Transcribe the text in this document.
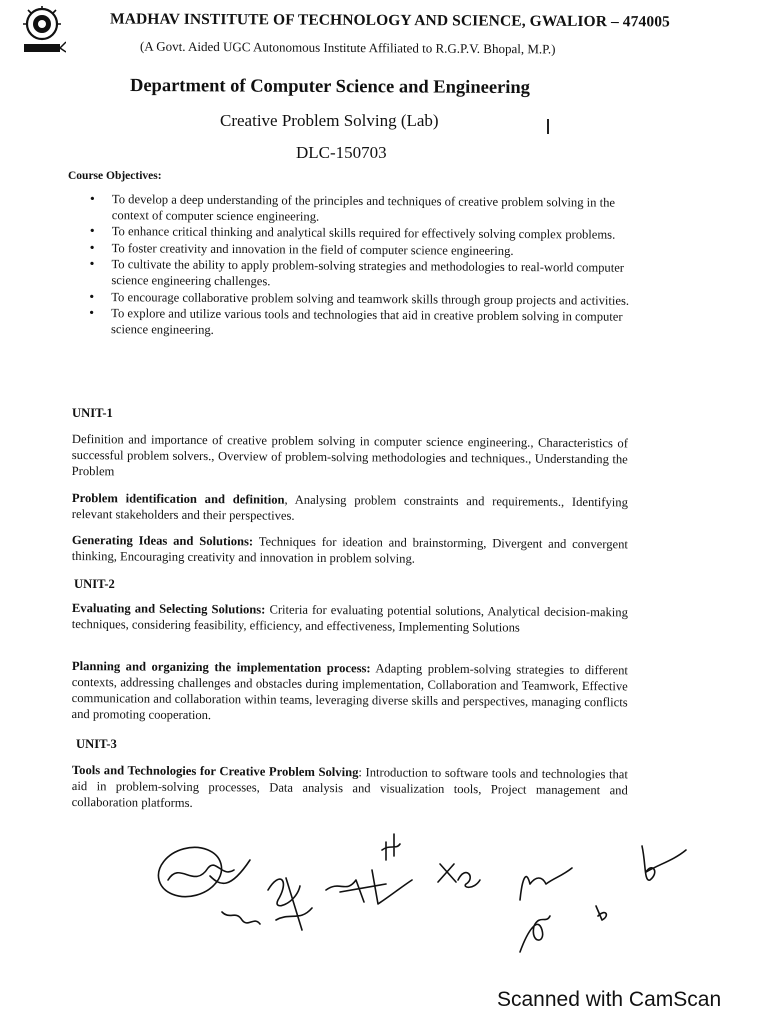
MADHAV INSTITUTE OF TECHNOLOGY AND SCIENCE, GWALIOR – 474005
(A Govt. Aided UGC Autonomous Institute Affiliated to R.G.P.V. Bhopal, M.P.)
Department of Computer Science and Engineering
Creative Problem Solving (Lab)
DLC-150703
Course Objectives:
• To develop a deep understanding of the principles and techniques of creative problem solving in the context of computer science engineering.
• To enhance critical thinking and analytical skills required for effectively solving complex problems.
• To foster creativity and innovation in the field of computer science engineering.
• To cultivate the ability to apply problem-solving strategies and methodologies to real-world computer science engineering challenges.
• To encourage collaborative problem solving and teamwork skills through group projects and activities.
• To explore and utilize various tools and technologies that aid in creative problem solving in computer science engineering.
UNIT-1
Definition and importance of creative problem solving in computer science engineering., Characteristics of successful problem solvers., Overview of problem-solving methodologies and techniques., Understanding the Problem
Problem identification and definition, Analysing problem constraints and requirements., Identifying relevant stakeholders and their perspectives.
Generating Ideas and Solutions: Techniques for ideation and brainstorming, Divergent and convergent thinking, Encouraging creativity and innovation in problem solving.
UNIT-2
Evaluating and Selecting Solutions: Criteria for evaluating potential solutions, Analytical decision-making techniques, considering feasibility, efficiency, and effectiveness, Implementing Solutions
Planning and organizing the implementation process: Adapting problem-solving strategies to different contexts, addressing challenges and obstacles during implementation, Collaboration and Teamwork, Effective communication and collaboration within teams, leveraging diverse skills and perspectives, managing conflicts and promoting cooperation.
UNIT-3
Tools and Technologies for Creative Problem Solving: Introduction to software tools and technologies that aid in problem-solving processes, Data analysis and visualization tools, Project management and collaboration platforms.
Scanned with CamScan
